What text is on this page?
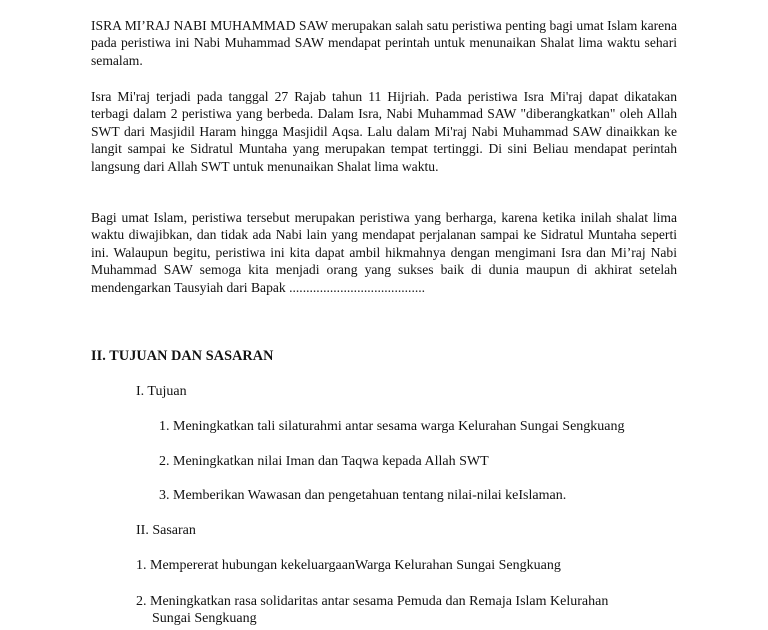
ISRA MI’RAJ NABI MUHAMMAD SAW merupakan salah satu peristiwa penting bagi umat Islam karena pada peristiwa ini Nabi Muhammad SAW mendapat perintah untuk menunaikan Shalat lima waktu sehari semalam.

Isra Mi'raj terjadi pada tanggal 27 Rajab tahun 11 Hijriah. Pada peristiwa Isra Mi'raj dapat dikatakan terbagi dalam 2 peristiwa yang berbeda. Dalam Isra, Nabi Muhammad SAW "diberangkatkan" oleh Allah SWT dari Masjidil Haram hingga Masjidil Aqsa. Lalu dalam Mi'raj Nabi Muhammad SAW dinaikkan ke langit sampai ke Sidratul Muntaha yang merupakan tempat tertinggi. Di sini Beliau mendapat perintah langsung dari Allah SWT untuk menunaikan Shalat lima waktu.

Bagi umat Islam, peristiwa tersebut merupakan peristiwa yang berharga, karena ketika inilah shalat lima waktu diwajibkan, dan tidak ada Nabi lain yang mendapat perjalanan sampai ke Sidratul Muntaha seperti ini. Walaupun begitu, peristiwa ini kita dapat ambil hikmahnya dengan mengimani Isra dan Mi’raj Nabi Muhammad SAW semoga kita menjadi orang yang sukses baik di dunia maupun di akhirat setelah mendengarkan Tausyiah dari Bapak ........................................

II. TUJUAN DAN SASARAN

I. Tujuan

1. Meningkatkan tali silaturahmi antar sesama warga Kelurahan Sungai Sengkuang

2. Meningkatkan nilai Iman dan Taqwa kepada Allah SWT

3. Memberikan Wawasan dan pengetahuan tentang nilai-nilai keIslaman.

II. Sasaran

1. Mempererat hubungan kekeluargaanWarga Kelurahan Sungai Sengkuang

2. Meningkatkan rasa solidaritas antar sesama Pemuda dan Remaja Islam Kelurahan

Sungai Sengkuang
